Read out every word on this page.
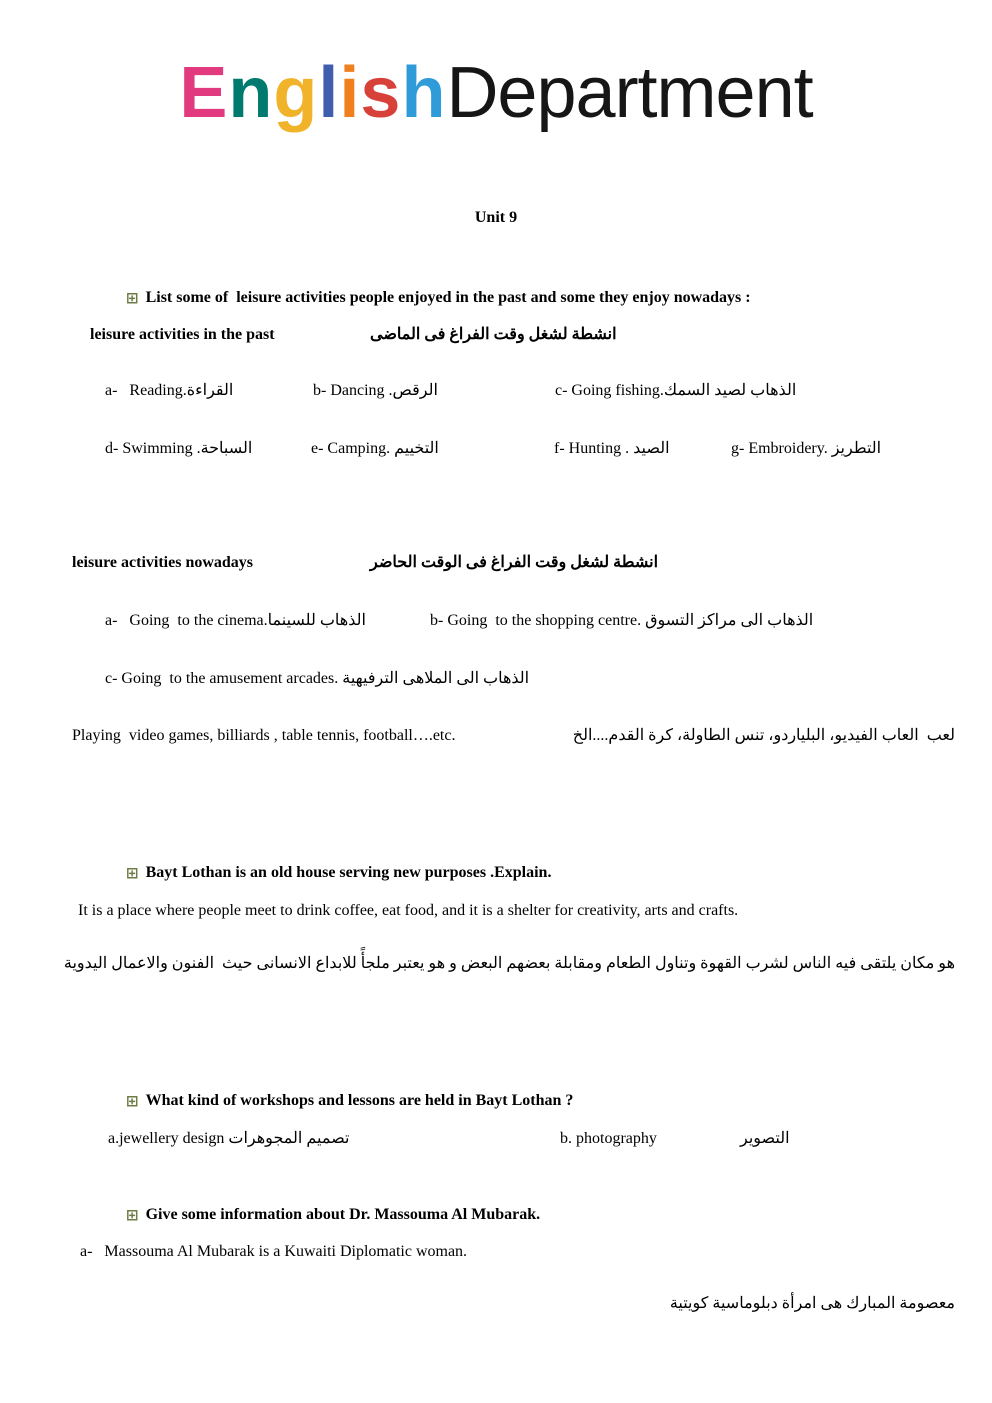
EnglishDepartment
Unit 9

⊞ List some of  leisure activities people enjoyed in the past and some they enjoy nowadays :

leisure activities in the past	انشطة لشغل وقت الفراغ فى الماضى
a-   Reading.القراءة	b- Dancing .الرقص	c- Going fishing.الذهاب لصيد السمك
d- Swimming .السباحة	e- Camping. التخييم	f- Hunting . الصيد	g- Embroidery. التطريز
leisure activities nowadays	انشطة لشغل وقت الفراغ فى الوقت الحاضر
a-   Going  to the cinema.الذهاب للسينما	b- Going  to the shopping centre. الذهاب الى مراكز التسوق
c- Going  to the amusement arcades. الذهاب الى الملاهى الترفيهية
Playing  video games, billiards , table tennis, football….etc.	لعب  العاب الفيديو، البلياردو، تنس الطاولة، كرة القدم....الخ

⊞ Bayt Lothan is an old house serving new purposes .Explain.

It is a place where people meet to drink coffee, eat food, and it is a shelter for creativity, arts and crafts.
هو مكان يلتقى فيه الناس لشرب القهوة وتناول الطعام ومقابلة بعضهم البعض و هو يعتبر ملجأً للابداع الانسانى حيث  الفنون والاعمال اليدوية

⊞ What kind of workshops and lessons are held in Bayt Lothan ?

a.jewellery design تصميم المجوهرات	b. photography	التصوير

⊞ Give some information about Dr. Massouma Al Mubarak.

a-   Massouma Al Mubarak is a Kuwaiti Diplomatic woman.
معصومة المبارك هى امرأة دبلوماسية كويتية
